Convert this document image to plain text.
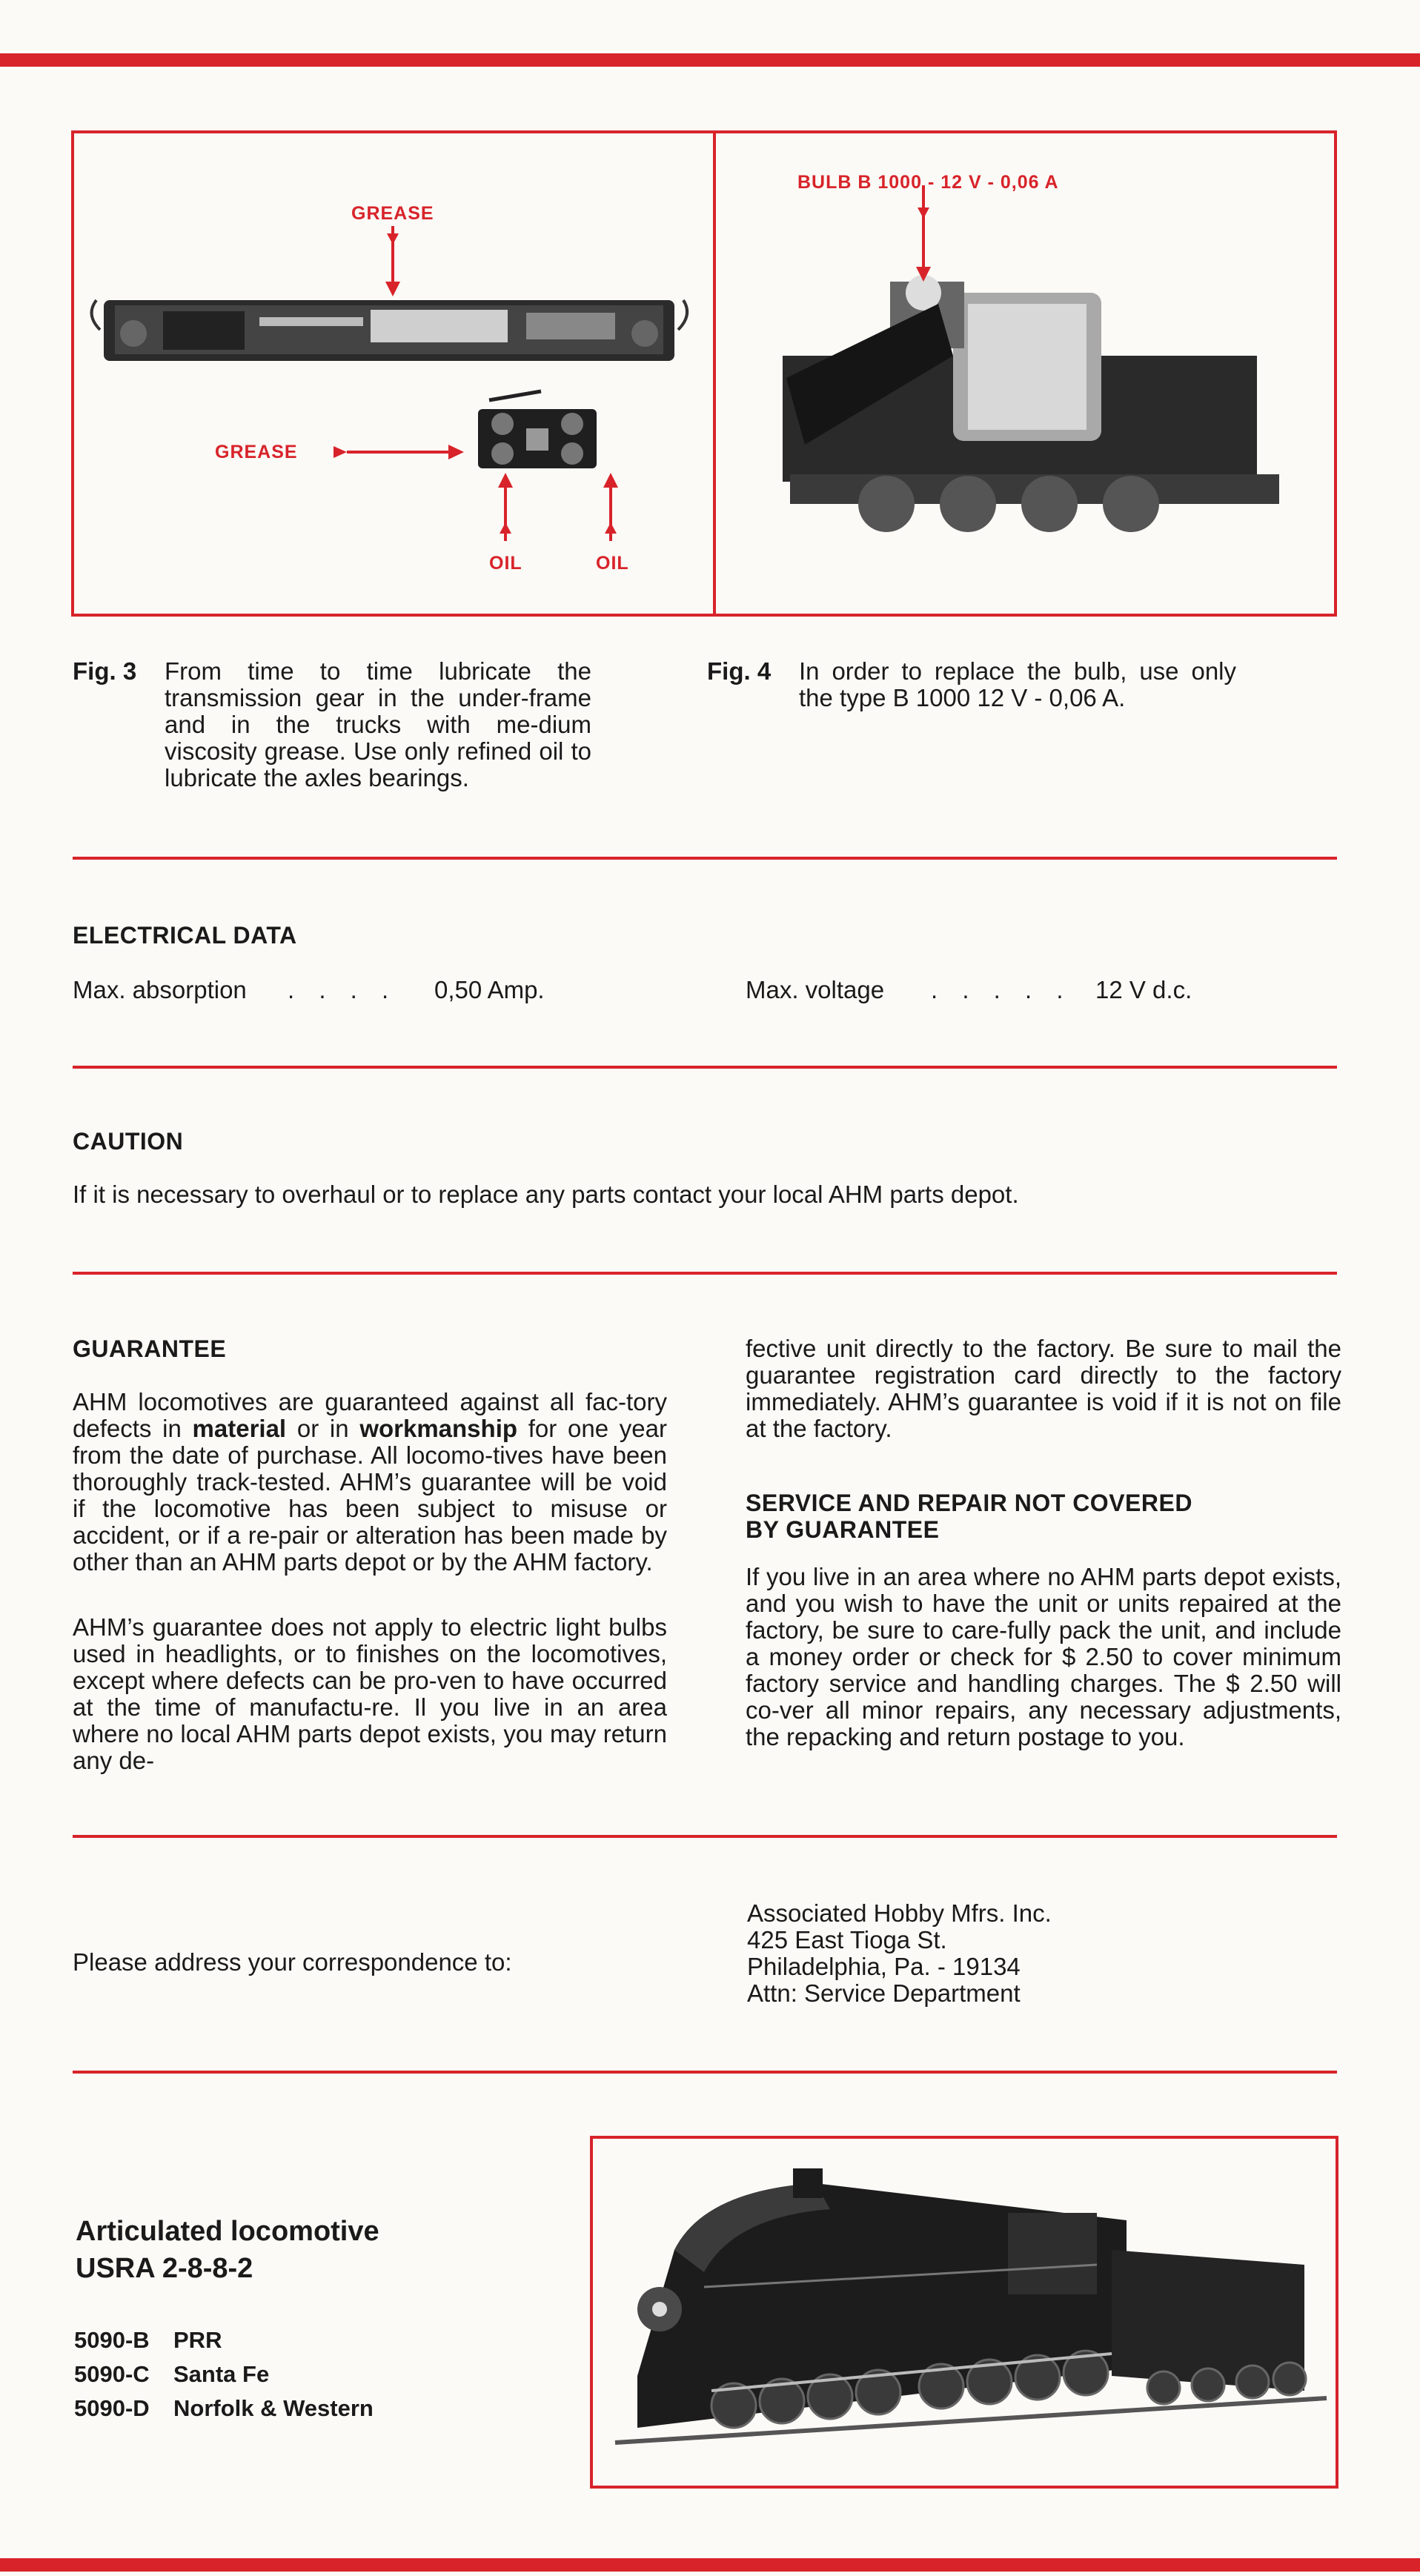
GREASE
GREASE
OIL	OIL
BULB B 1000 - 12 V - 0,06 A
Fig. 3 From time to time lubricate the transmission gear in the under-frame and in the trucks with me-dium viscosity grease. Use only refined oil to lubricate the axles bearings.
Fig. 4 In order to replace the bulb, use only the type B 1000 12 V - 0,06 A.
ELECTRICAL DATA
Max. absorption . . . . 0,50 Amp.	Max. voltage . . . . . 12 V d.c.
CAUTION
If it is necessary to overhaul or to replace any parts contact your local AHM parts depot.
GUARANTEE
AHM locomotives are guaranteed against all fac-tory defects in material or in workmanship for one year from the date of purchase. All locomo-tives have been thoroughly track-tested. AHM’s guarantee will be void if the locomotive has been subject to misuse or accident, or if a re-pair or alteration has been made by other than an AHM parts depot or by the AHM factory.
AHM’s guarantee does not apply to electric light bulbs used in headlights, or to finishes on the locomotives, except where defects can be pro-ven to have occurred at the time of manufactu-re. Il you live in an area where no local AHM parts depot exists, you may return any de-
fective unit directly to the factory. Be sure to mail the guarantee registration card directly to the factory immediately. AHM’s guarantee is void if it is not on file at the factory.
SERVICE AND REPAIR NOT COVERED
BY GUARANTEE
If you live in an area where no AHM parts depot exists, and you wish to have the unit or units repaired at the factory, be sure to care-fully pack the unit, and include a money order or check for $ 2.50 to cover minimum factory service and handling charges. The $ 2.50 will co-ver all minor repairs, any necessary adjustments, the repacking and return postage to you.
Please address your correspondence to:
Associated Hobby Mfrs. Inc.
425 East Tioga St.
Philadelphia, Pa. - 19134
Attn: Service Department
Articulated locomotive
USRA 2-8-8-2
5090-B PRR
5090-C Santa Fe
5090-D Norfolk & Western
